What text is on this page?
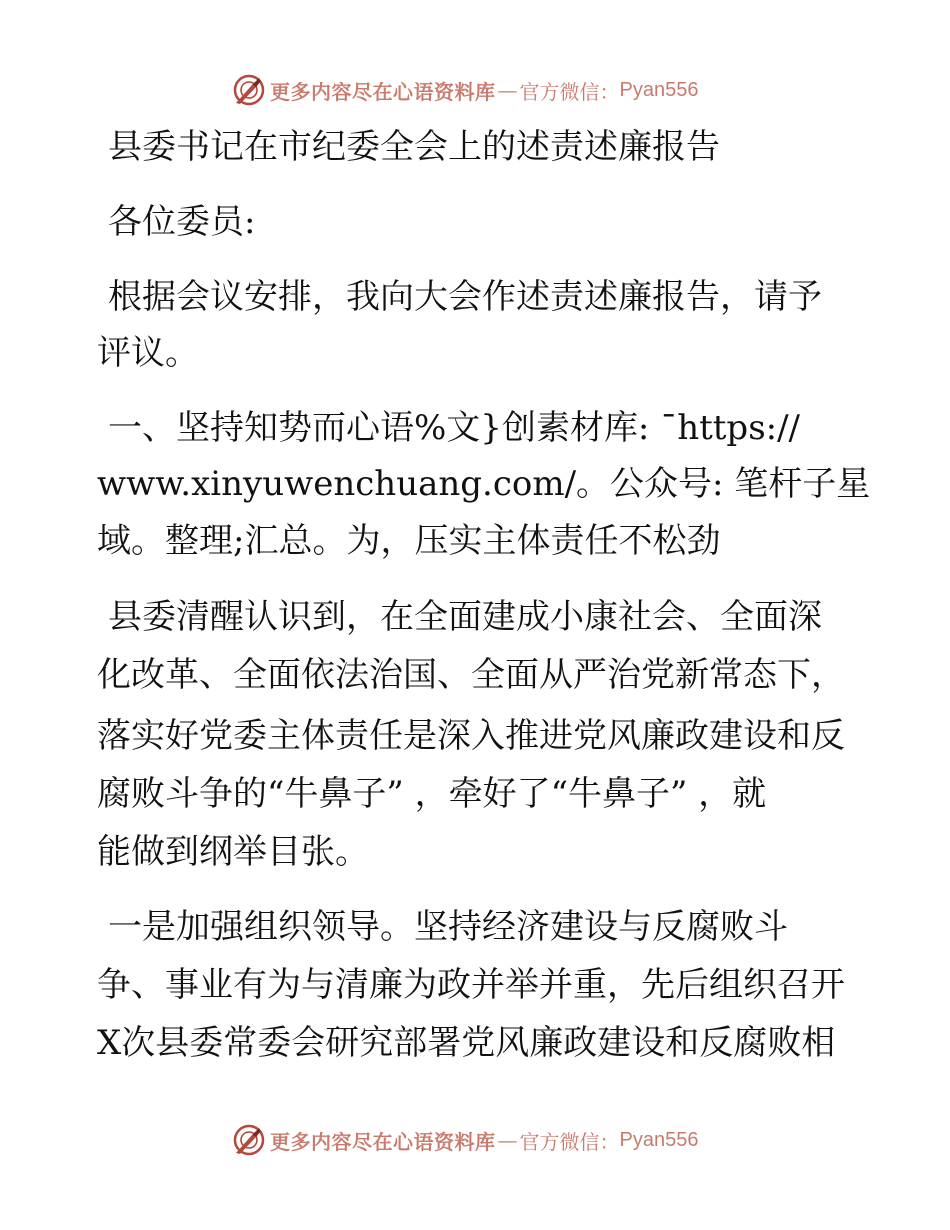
更多内容尽在心语资料库 — 官方微信： Pyan556
县委书记在市纪委全会上的述责述廉报告
各位委员:
根据会议安排，我向大会作述责述廉报告，请予
评议。
一、坚持知势而心语%文}创素材库: ¯https://
www.xinyuwenchuang.com/。公众号: 笔杆子星
域。整理;汇总。为，压实主体责任不松劲
县委清醒认识到，在全面建成小康社会、全面深
化改革、全面依法治国、全面从严治党新常态下，
落实好党委主体责任是深入推进党风廉政建设和反
腐败斗争的“牛鼻子” ，牵好了“牛鼻子” ，就
能做到纲举目张。
一是加强组织领导。坚持经济建设与反腐败斗
争、事业有为与清廉为政并举并重，先后组织召开
X次县委常委会研究部署党风廉政建设和反腐败相
更多内容尽在心语资料库 — 官方微信： Pyan556
